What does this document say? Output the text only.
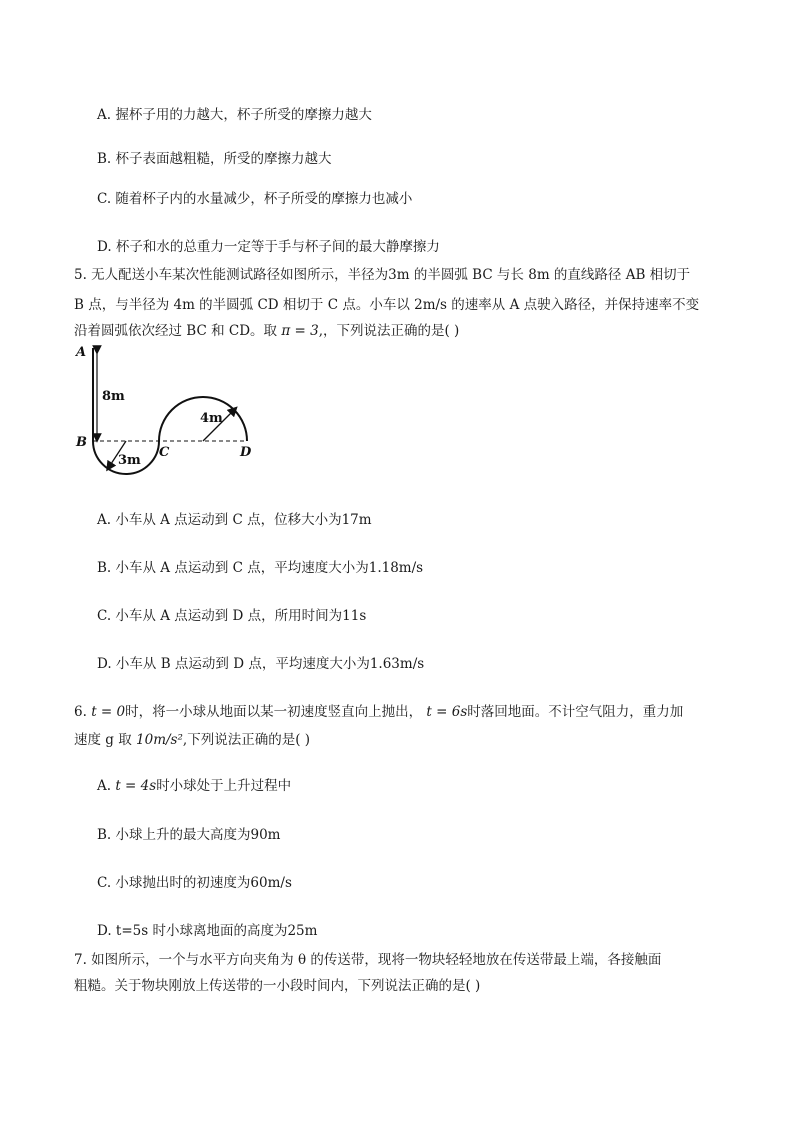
A. 握杯子用的力越大，杯子所受的摩擦力越大
B. 杯子表面越粗糙，所受的摩擦力越大
C. 随着杯子内的水量减少，杯子所受的摩擦力也减小
D. 杯子和水的总重力一定等于手与杯子间的最大静摩擦力
5. 无人配送小车某次性能测试路径如图所示，半径为3m 的半圆弧 BC 与长 8m 的直线路径 AB 相切于
B 点，与半径为 4m 的半圆弧 CD 相切于 C 点。小车以 2m/s 的速率从 A 点驶入路径，并保持速率不变
沿着圆弧依次经过 BC 和 CD。取 π = 3,，下列说法正确的是( )
8m
3m
4m
A
B
C	D
A. 小车从 A 点运动到 C 点，位移大小为17m
B. 小车从 A 点运动到 C 点，平均速度大小为1.18m/s
C. 小车从 A 点运动到 D 点，所用时间为11s
D. 小车从 B 点运动到 D 点，平均速度大小为1.63m/s
6. t = 0时，将一小球从地面以某一初速度竖直向上抛出， t = 6s时落回地面。不计空气阻力，重力加
速度 g 取 10m/s²,下列说法正确的是( )
A. t = 4s时小球处于上升过程中
B. 小球上升的最大高度为90m
C. 小球抛出时的初速度为60m/s
D. t=5s 时小球离地面的高度为25m
7. 如图所示，一个与水平方向夹角为 θ 的传送带，现将一物块轻轻地放在传送带最上端，各接触面
粗糙。关于物块刚放上传送带的一小段时间内，下列说法正确的是( )
